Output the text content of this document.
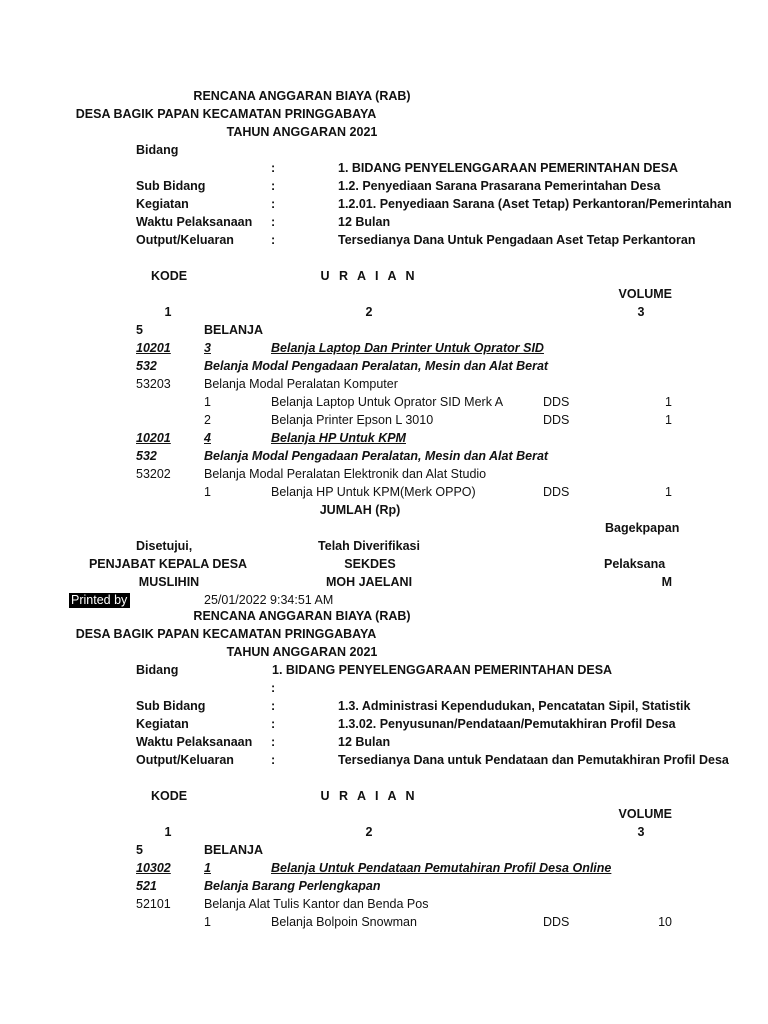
RENCANA ANGGARAN BIAYA (RAB)
DESA BAGIK PAPAN KECAMATAN PRINGGABAYA
TAHUN ANGGARAN 2021
Bidang
:	1. BIDANG PENYELENGGARAAN PEMERINTAHAN DESA
Sub Bidang	:	1.2. Penyediaan Sarana Prasarana Pemerintahan Desa
Kegiatan	:	1.2.01. Penyediaan Sarana (Aset Tetap) Perkantoran/Pemerintahan
Waktu Pelaksanaan :	12 Bulan
Output/Keluaran	:	Tersedianya Dana Untuk Pengadaan Aset Tetap Perkantoran
KODE	U R A I A N
VOLUME
1	2	3
5	BELANJA
10201	3	Belanja Laptop Dan Printer Untuk Oprator SID
532	Belanja Modal Pengadaan Peralatan, Mesin dan Alat Berat
53203	Belanja Modal Peralatan Komputer
1	Belanja Laptop Untuk Oprator SID Merk A	DDS	1
2	Belanja Printer Epson L 3010	DDS	1
10201	4	Belanja HP Untuk KPM
532	Belanja Modal Pengadaan Peralatan, Mesin dan Alat Berat
53202	Belanja Modal Peralatan Elektronik dan Alat Studio
1	Belanja HP Untuk KPM(Merk OPPO)	DDS	1
JUMLAH (Rp)
Bagekpapan
Disetujui,	Telah Diverifikasi
PENJABAT KEPALA DESA	SEKDES	Pelaksana
MUSLIHIN	MOH JAELANI	M
Printed by	25/01/2022 9:34:51 AM
RENCANA ANGGARAN BIAYA (RAB)
DESA BAGIK PAPAN KECAMATAN PRINGGABAYA
TAHUN ANGGARAN 2021
Bidang	1. BIDANG PENYELENGGARAAN PEMERINTAHAN DESA
:
Sub Bidang	:	1.3. Administrasi Kependudukan, Pencatatan Sipil, Statistik
Kegiatan	:	1.3.02. Penyusunan/Pendataan/Pemutakhiran Profil Desa
Waktu Pelaksanaan :	12 Bulan
Output/Keluaran	:	Tersedianya Dana untuk Pendataan dan Pemutakhiran Profil Desa
KODE	U R A I A N
VOLUME
1	2	3
5	BELANJA
10302	1	Belanja Untuk Pendataan Pemutahiran Profil Desa Online
521	Belanja Barang Perlengkapan
52101	Belanja Alat Tulis Kantor dan Benda Pos
1	Belanja Bolpoin Snowman	DDS	10
